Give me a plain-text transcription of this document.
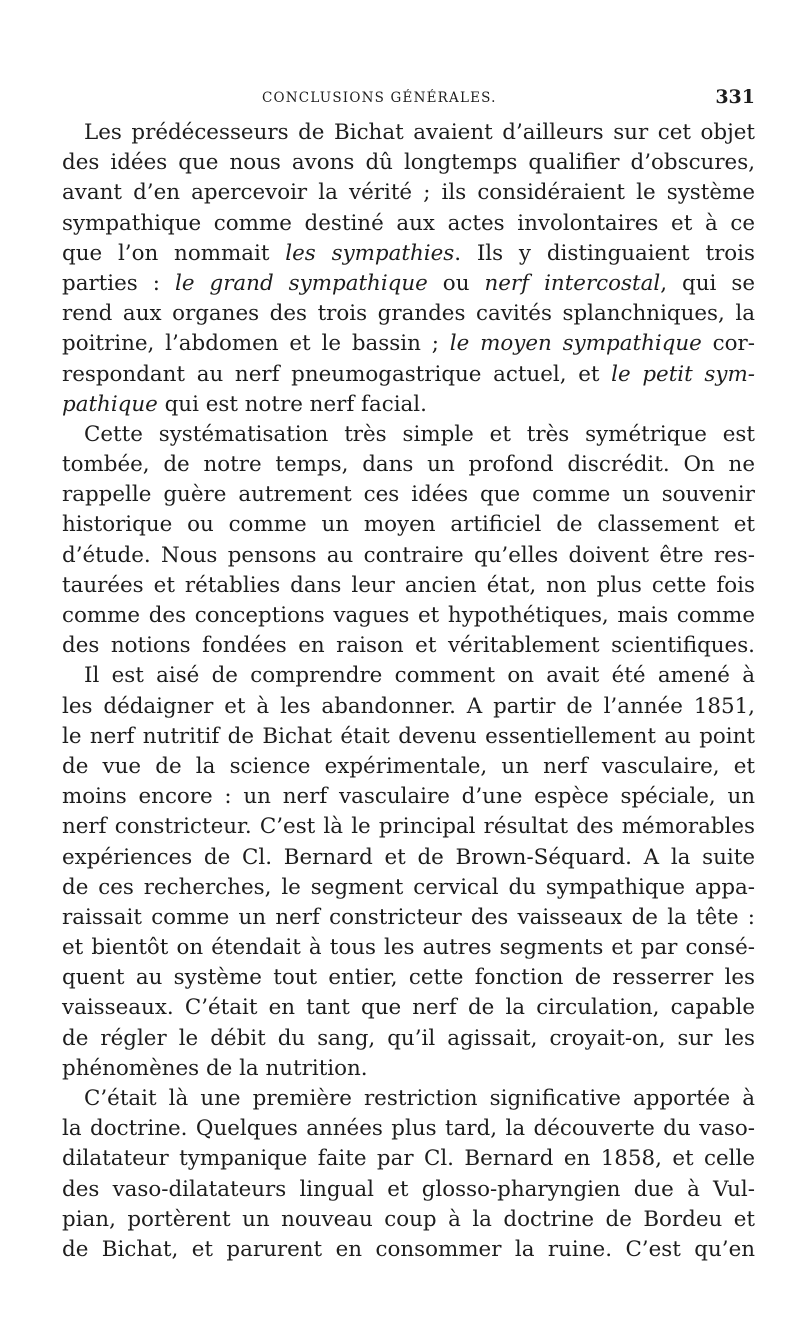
CONCLUSIONS GÉNÉRALES.	331
Les prédécesseurs de Bichat avaient d’ailleurs sur cet objet
des idées que nous avons dû longtemps qualifier d’obscures,
avant d’en apercevoir la vérité ; ils considéraient le système
sympathique comme destiné aux actes involontaires et à ce
que l’on nommait les sympathies. Ils y distinguaient trois
parties : le grand sympathique ou nerf intercostal, qui se
rend aux organes des trois grandes cavités splanchniques, la
poitrine, l’abdomen et le bassin ; le moyen sympathique cor-
respondant au nerf pneumogastrique actuel, et le petit sym-
pathique qui est notre nerf facial.
Cette systématisation très simple et très symétrique est
tombée, de notre temps, dans un profond discrédit. On ne
rappelle guère autrement ces idées que comme un souvenir
historique ou comme un moyen artificiel de classement et
d’étude. Nous pensons au contraire qu’elles doivent être res-
taurées et rétablies dans leur ancien état, non plus cette fois
comme des conceptions vagues et hypothétiques, mais comme
des notions fondées en raison et véritablement scientifiques.
Il est aisé de comprendre comment on avait été amené à
les dédaigner et à les abandonner. A partir de l’année 1851,
le nerf nutritif de Bichat était devenu essentiellement au point
de vue de la science expérimentale, un nerf vasculaire, et
moins encore : un nerf vasculaire d’une espèce spéciale, un
nerf constricteur. C’est là le principal résultat des mémorables
expériences de Cl. Bernard et de Brown-Séquard. A la suite
de ces recherches, le segment cervical du sympathique appa-
raissait comme un nerf constricteur des vaisseaux de la tête :
et bientôt on étendait à tous les autres segments et par consé-
quent au système tout entier, cette fonction de resserrer les
vaisseaux. C’était en tant que nerf de la circulation, capable
de régler le débit du sang, qu’il agissait, croyait-on, sur les
phénomènes de la nutrition.
C’était là une première restriction significative apportée à
la doctrine. Quelques années plus tard, la découverte du vaso-
dilatateur tympanique faite par Cl. Bernard en 1858, et celle
des vaso-dilatateurs lingual et glosso-pharyngien due à Vul-
pian, portèrent un nouveau coup à la doctrine de Bordeu et
de Bichat, et parurent en consommer la ruine. C’est qu’en
